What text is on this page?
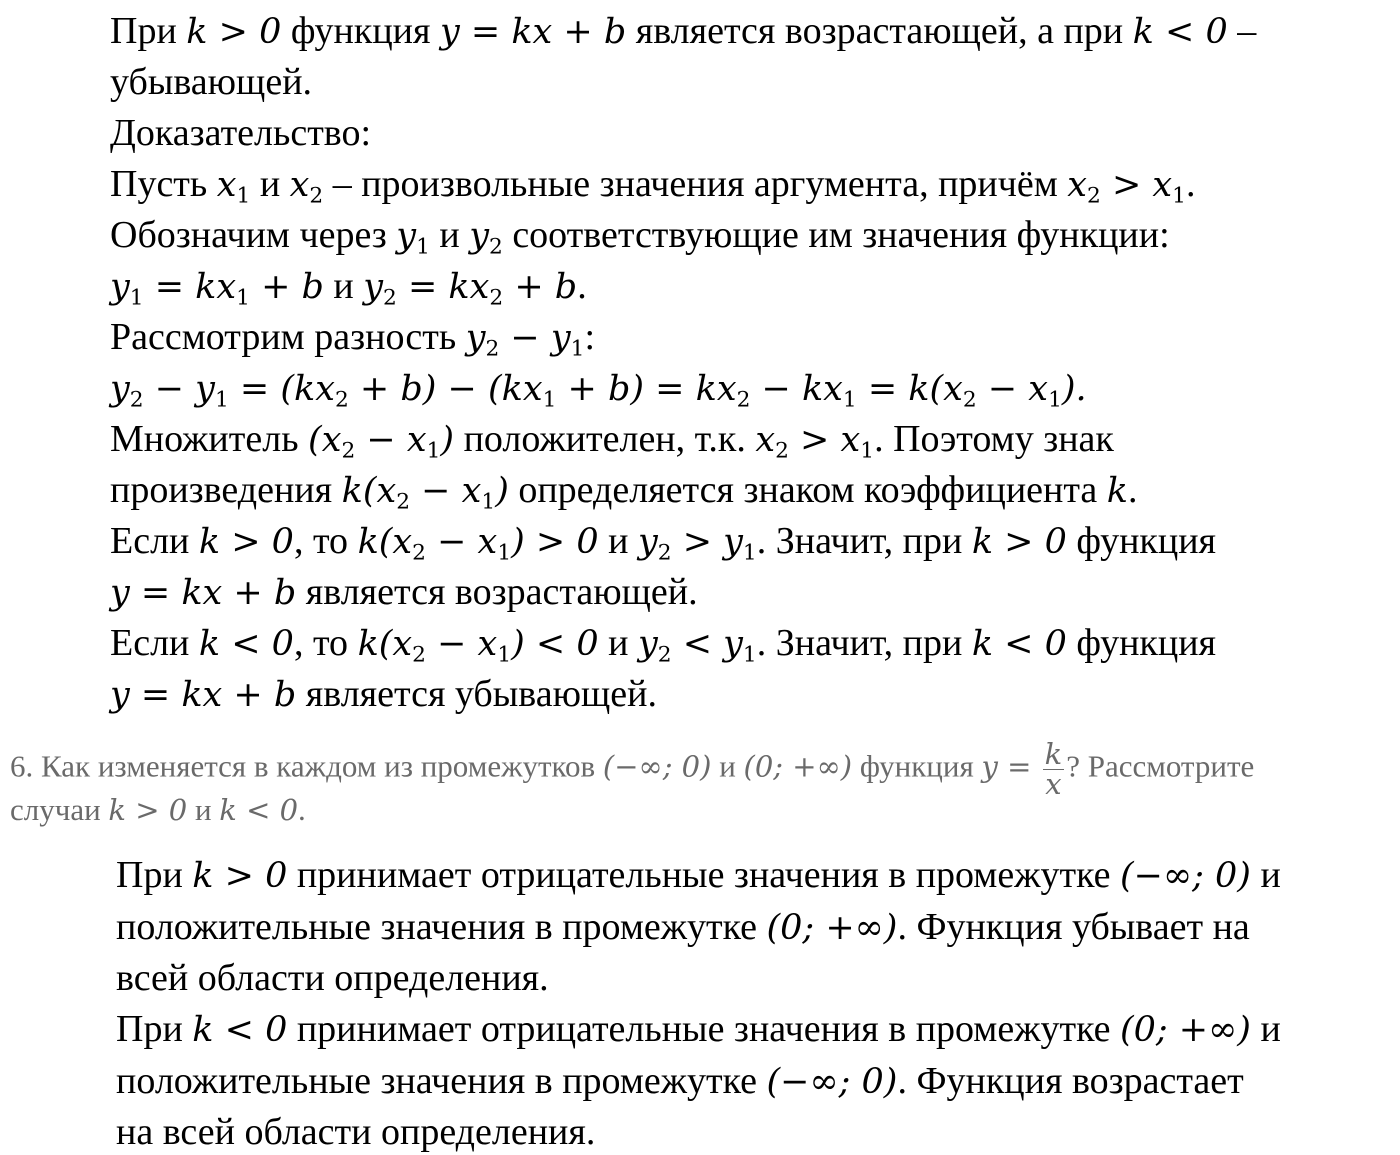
При k > 0 функция y = kx + b является возрастающей, а при k < 0 –
убывающей.
Доказательство:
Пусть $x_1$ и $x_2$ – произвольные значения аргумента, причём $x_2 > x_1$.
Обозначим через $y_1$ и $y_2$ соответствующие им значения функции:
$y_1 = kx_1 + b$ и $y_2 = kx_2 + b$.
Рассмотрим разность $y_2 - y_1$:
$y_2 - y_1 = (kx_2 + b) - (kx_1 + b) = kx_2 - kx_1 = k(x_2 - x_1)$.
Множитель $(x_2 - x_1)$ положителен, т.к. $x_2 > x_1$. Поэтому знак
произведения $k(x_2 - x_1)$ определяется знаком коэффициента k.
Если k > 0, то $k(x_2 - x_1) > 0$ и $y_2 > y_1$. Значит, при k > 0 функция
y = kx + b является возрастающей.
Если k < 0, то $k(x_2 - x_1) < 0$ и $y_2 < y_1$. Значит, при k < 0 функция
y = kx + b является убывающей.
6. Как изменяется в каждом из промежутков (−∞; 0) и (0; +∞) функция $y = \frac{k}{x}$ ? Рассмотрите
случаи k > 0 и k < 0.
При k > 0 принимает отрицательные значения в промежутке (−∞; 0) и
положительные значения в промежутке (0; +∞). Функция убывает на
всей области определения.
При k < 0 принимает отрицательные значения в промежутке (0; +∞) и
положительные значения в промежутке (−∞; 0). Функция возрастает
на всей области определения.
